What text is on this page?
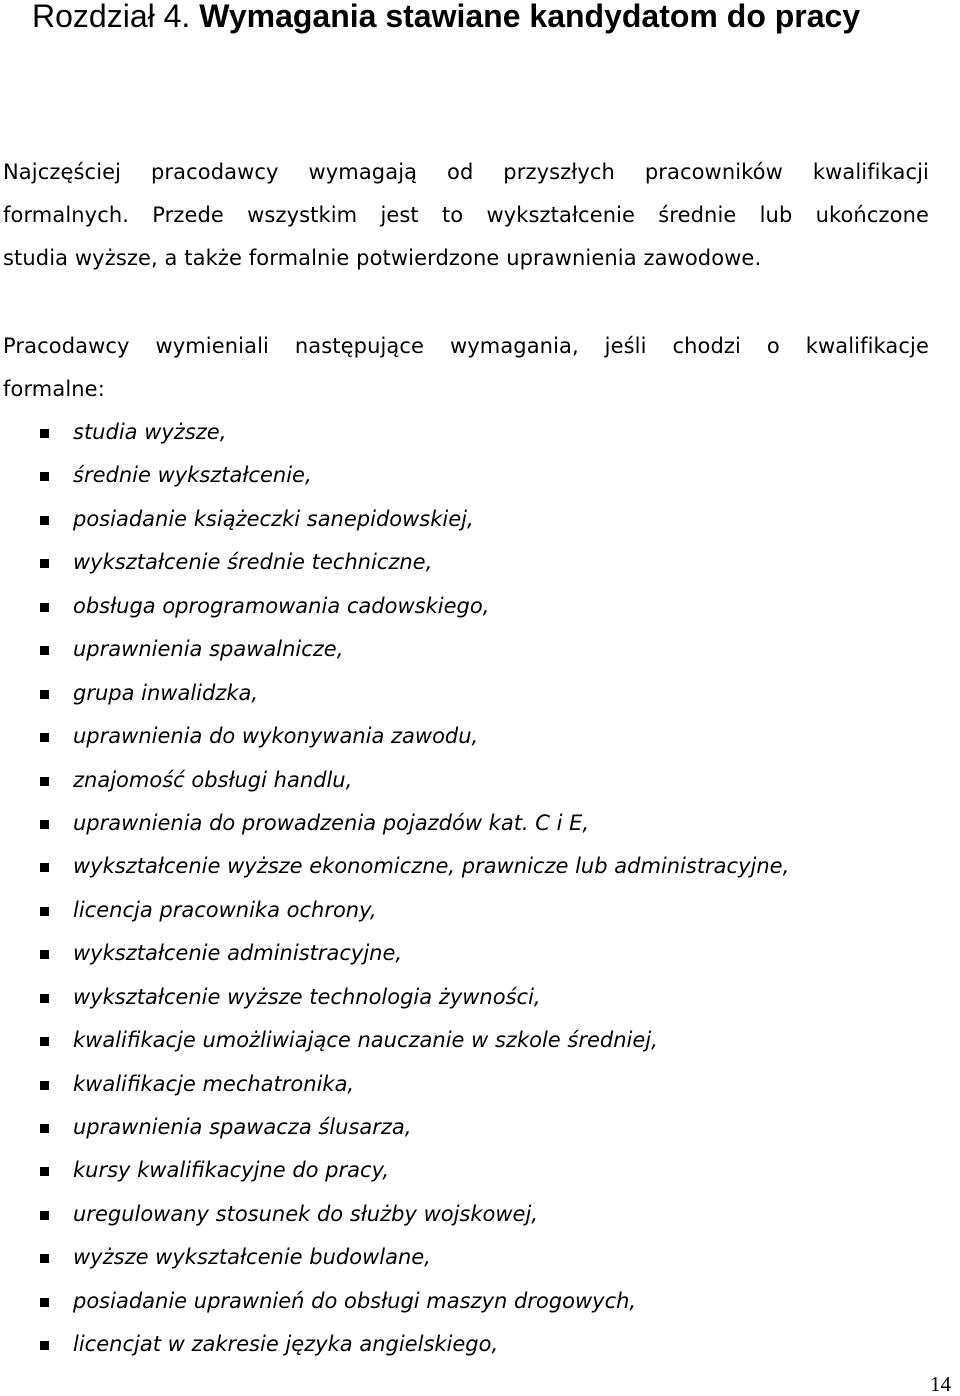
Rozdział 4. Wymagania stawiane kandydatom do pracy

Najczęściej pracodawcy wymagają od przyszłych pracowników kwalifikacji
formalnych. Przede wszystkim jest to wykształcenie średnie lub ukończone
studia wyższe, a także formalnie potwierdzone uprawnienia zawodowe.

Pracodawcy wymieniali następujące wymagania, jeśli chodzi o kwalifikacje
formalne:

studia wyższe,
średnie wykształcenie,
posiadanie książeczki sanepidowskiej,
wykształcenie średnie techniczne,
obsługa oprogramowania cadowskiego,
uprawnienia spawalnicze,
grupa inwalidzka,
uprawnienia do wykonywania zawodu,
znajomość obsługi handlu,
uprawnienia do prowadzenia pojazdów kat. C i E,
wykształcenie wyższe ekonomiczne, prawnicze lub administracyjne,
licencja pracownika ochrony,
wykształcenie administracyjne,
wykształcenie wyższe technologia żywności,
kwalifikacje umożliwiające nauczanie w szkole średniej,
kwalifikacje mechatronika,
uprawnienia spawacza ślusarza,
kursy kwalifikacyjne do pracy,
uregulowany stosunek do służby wojskowej,
wyższe wykształcenie budowlane,
posiadanie uprawnień do obsługi maszyn drogowych,
licencjat w zakresie języka angielskiego,
14
